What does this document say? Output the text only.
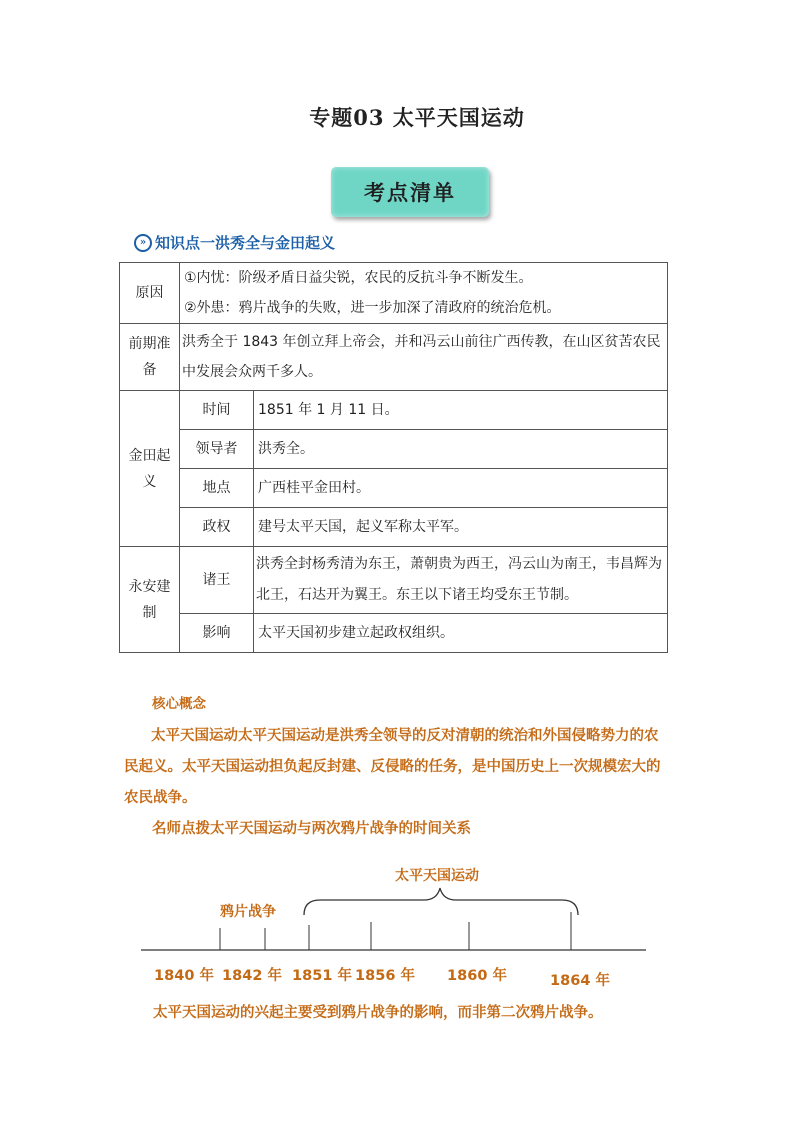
专题03 太平天国运动
考点清单
» 知识点一洪秀全与金田起义
原因	①内忧：阶级矛盾日益尖锐，农民的反抗斗争不断发生。
②外患：鸦片战争的失败，进一步加深了清政府的统治危机。	

前期准备	洪秀全于 1843 年创立拜上帝会，并和冯云山前往广西传教，在山区贫苦农民中发展会众两千多人。	
金田起义	时间	1851 年 1 月 11 日。
	领导者	洪秀全。
	地点	广西桂平金田村。
	政权	建号太平天国，起义军称太平军。
永安建制	诸王	洪秀全封杨秀清为东王，萧朝贵为西王，冯云山为南王，韦昌辉为北王，石达开为翼王。东王以下诸王均受东王节制。
	影响	太平天国初步建立起政权组织。
核心概念
太平天国运动太平天国运动是洪秀全领导的反对清朝的统治和外国侵略势力的农民起义。太平天国运动担负起反封建、反侵略的任务，是中国历史上一次规模宏大的农民战争。
名师点拨太平天国运动与两次鸦片战争的时间关系
太平天国运动
鸦片战争
1840 年 1842 年 1851 年 1856 年 1860 年	1864 年
太平天国运动的兴起主要受到鸦片战争的影响，而非第二次鸦片战争。
